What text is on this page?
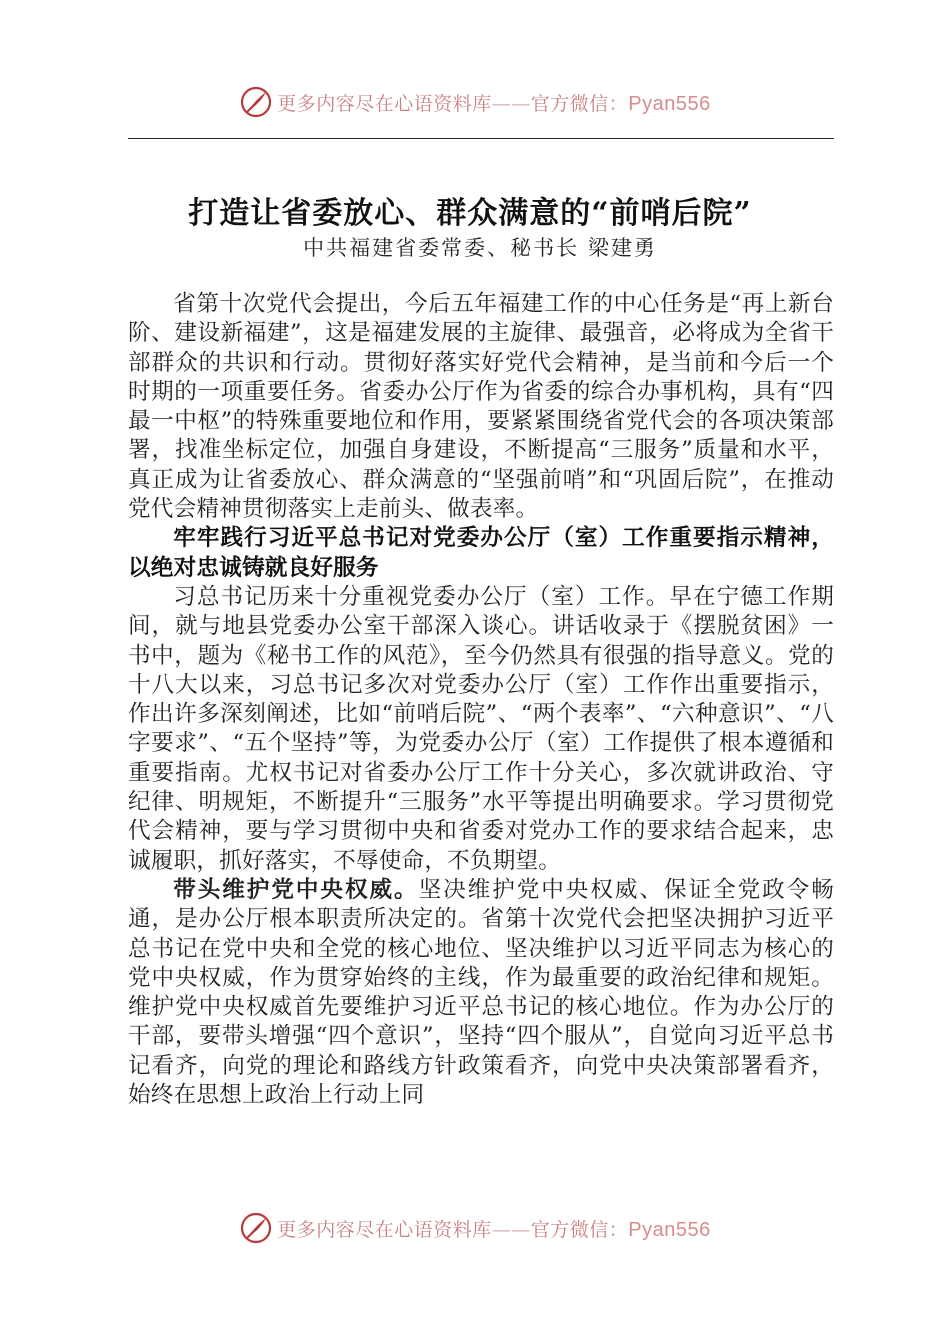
更多内容尽在心语资料库——官方微信：Pyan556
打造让省委放心、群众满意的“前哨后院”
中共福建省委常委、秘书长 梁建勇

省第十次党代会提出，今后五年福建工作的中心任务是“再上新台阶、建设新福建”，这是福建发展的主旋律、最强音，必将成为全省干部群众的共识和行动。贯彻好落实好党代会精神，是当前和今后一个时期的一项重要任务。省委办公厅作为省委的综合办事机构，具有“四最一中枢”的特殊重要地位和作用，要紧紧围绕省党代会的各项决策部署，找准坐标定位，加强自身建设，不断提高“三服务”质量和水平，真正成为让省委放心、群众满意的“坚强前哨”和“巩固后院”，在推动党代会精神贯彻落实上走前头、做表率。

牢牢践行习近平总书记对党委办公厅（室）工作重要指示精神，以绝对忠诚铸就良好服务

习总书记历来十分重视党委办公厅（室）工作。早在宁德工作期间，就与地县党委办公室干部深入谈心。讲话收录于《摆脱贫困》一书中，题为《秘书工作的风范》，至今仍然具有很强的指导意义。党的十八大以来，习总书记多次对党委办公厅（室）工作作出重要指示，作出许多深刻阐述，比如“前哨后院”、“两个表率”、“六种意识”、“八字要求”、“五个坚持”等，为党委办公厅（室）工作提供了根本遵循和重要指南。尤权书记对省委办公厅工作十分关心，多次就讲政治、守纪律、明规矩，不断提升“三服务”水平等提出明确要求。学习贯彻党代会精神，要与学习贯彻中央和省委对党办工作的要求结合起来，忠诚履职，抓好落实，不辱使命，不负期望。

带头维护党中央权威。坚决维护党中央权威、保证全党政令畅通，是办公厅根本职责所决定的。省第十次党代会把坚决拥护习近平总书记在党中央和全党的核心地位、坚决维护以习近平同志为核心的党中央权威，作为贯穿始终的主线，作为最重要的政治纪律和规矩。维护党中央权威首先要维护习近平总书记的核心地位。作为办公厅的干部，要带头增强“四个意识”，坚持“四个服从”，自觉向习近平总书记看齐，向党的理论和路线方针政策看齐，向党中央决策部署看齐，始终在思想上政治上行动上同

更多内容尽在心语资料库——官方微信：Pyan556
